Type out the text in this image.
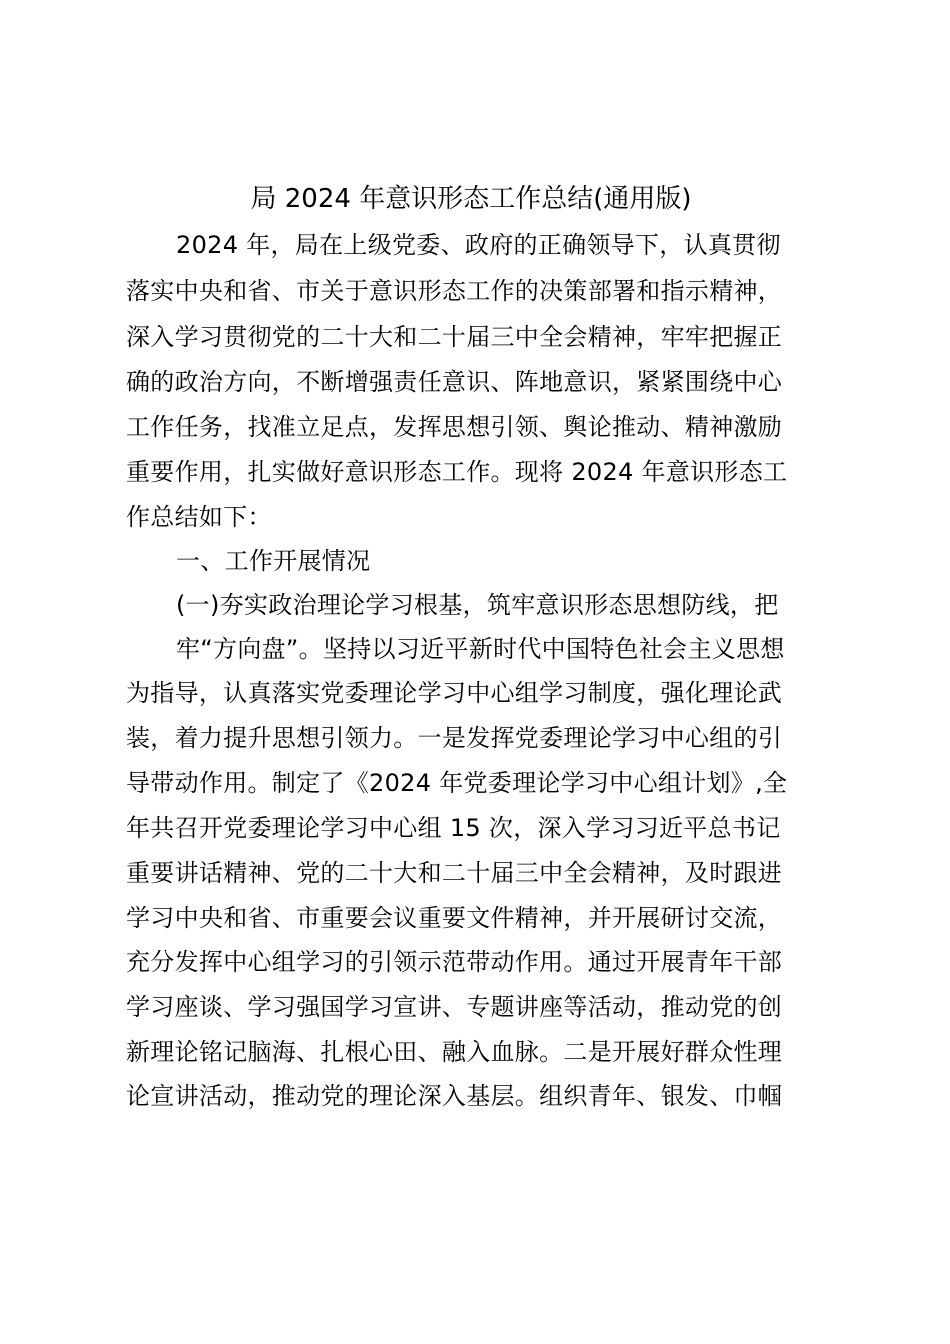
局 2024 年意识形态工作总结(通用版)
2024 年，局在上级党委、政府的正确领导下，认真贯彻
落实中央和省、市关于意识形态工作的决策部署和指示精神，
深入学习贯彻党的二十大和二十届三中全会精神，牢牢把握正
确的政治方向，不断增强责任意识、阵地意识，紧紧围绕中心
工作任务，找准立足点，发挥思想引领、舆论推动、精神激励
重要作用，扎实做好意识形态工作。现将 2024 年意识形态工
作总结如下：
一、工作开展情况
(一)夯实政治理论学习根基，筑牢意识形态思想防线，把
牢“方向盘”。坚持以习近平新时代中国特色社会主义思想
为指导，认真落实党委理论学习中心组学习制度，强化理论武
装，着力提升思想引领力。一是发挥党委理论学习中心组的引
导带动作用。制定了《2024 年党委理论学习中心组计划》,全
年共召开党委理论学习中心组 15 次，深入学习习近平总书记
重要讲话精神、党的二十大和二十届三中全会精神，及时跟进
学习中央和省、市重要会议重要文件精神，并开展研讨交流，
充分发挥中心组学习的引领示范带动作用。通过开展青年干部
学习座谈、学习强国学习宣讲、专题讲座等活动，推动党的创
新理论铭记脑海、扎根心田、融入血脉。二是开展好群众性理
论宣讲活动，推动党的理论深入基层。组织青年、银发、巾帼
